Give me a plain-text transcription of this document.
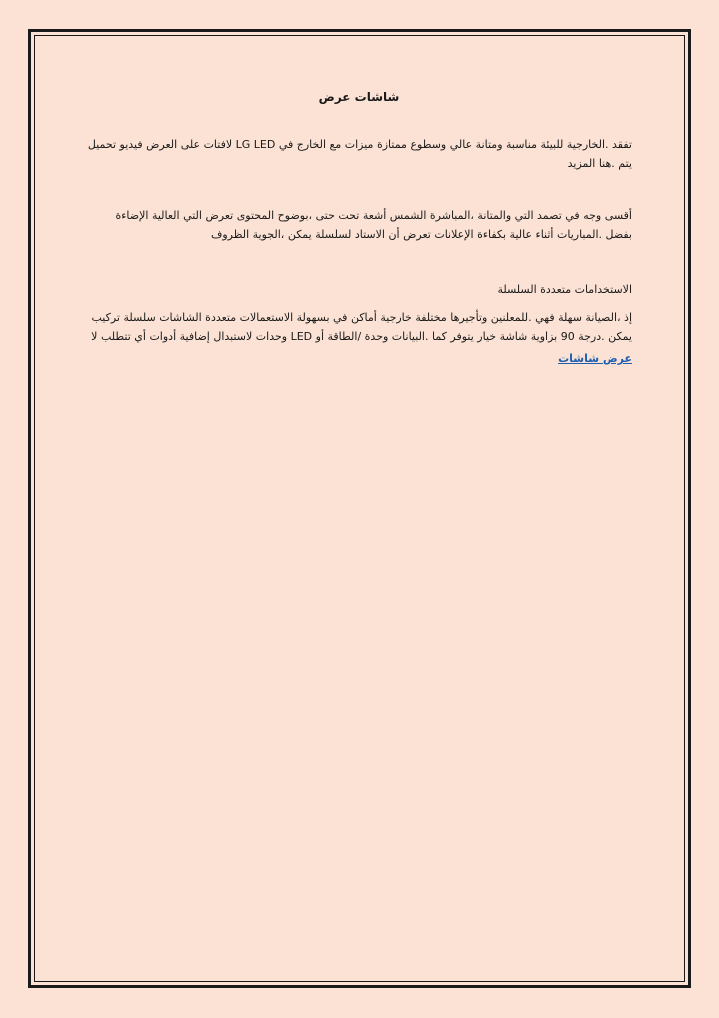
شاشات عرض

تفقد .الخارجية للبيئة مناسبة ومتانة عالي وسطوع ممتازة ميزات مع الخارج في LG LED لافتات على العرض فيديو تحميل يتم .هنا المزيد

أقسى وجه في تصمد التي والمتانة ،المباشرة الشمس أشعة تحت حتى ،بوضوح المحتوى تعرض التي العالية الإضاءة بفضل .المباريات أثناء عالية بكفاءة الإعلانات تعرض أن الاستاد لسلسلة يمكن ،الجوية الظروف

الاستخدامات متعددة السلسلة

إذ ،الصيانة سهلة فهي .للمعلنين وتأجيرها مختلفة خارجية أماكن في بسهولة الاستعمالات متعددة الشاشات سلسلة تركيب يمكن .درجة 90 بزاوية شاشة خيار يتوفر كما .البيانات وحدة /الطاقة أو LED وحدات لاستبدال إضافية أدوات أي تتطلب لا

عرض شاشات
